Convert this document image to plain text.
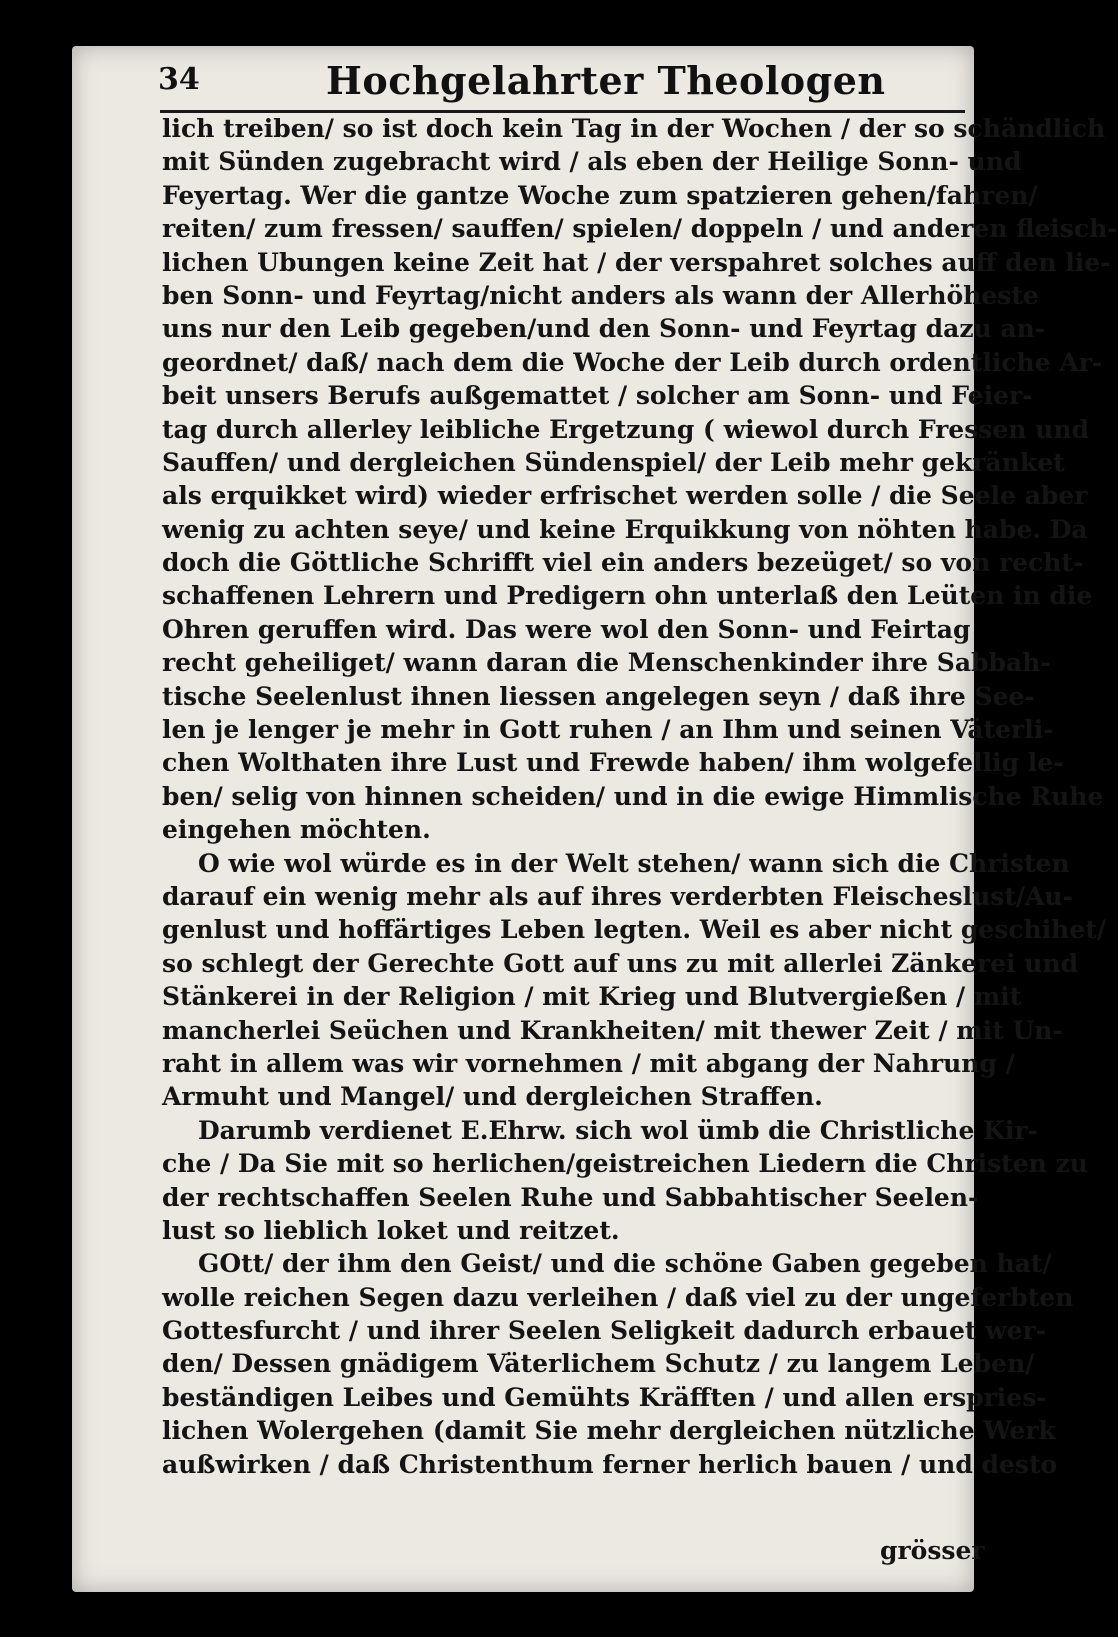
34	Hochgelahrter Theologen
lich treiben/ so ist doch kein Tag in der Wochen / der so schändlich
mit Sünden zugebracht wird / als eben der Heilige Sonn- und
Feyertag. Wer die gantze Woche zum spatzieren gehen/fahren/
reiten/ zum fressen/ sauffen/ spielen/ doppeln / und anderen fleisch-
lichen Ubungen keine Zeit hat / der verspahret solches auff den lie-
ben Sonn- und Feyrtag/nicht anders als wann der Allerhöheste
uns nur den Leib gegeben/und den Sonn- und Feyrtag dazu an-
geordnet/ daß/ nach dem die Woche der Leib durch ordentliche Ar-
beit unsers Berufs außgemattet / solcher am Sonn- und Feier-
tag durch allerley leibliche Ergetzung ( wiewol durch Fressen und
Sauffen/ und dergleichen Sündenspiel/ der Leib mehr gekränket
als erquikket wird) wieder erfrischet werden solle / die Seele aber
wenig zu achten seye/ und keine Erquikkung von nöhten habe. Da
doch die Göttliche Schrifft viel ein anders bezeüget/ so von recht-
schaffenen Lehrern und Predigern ohn unterlaß den Leüten in die
Ohren geruffen wird. Das were wol den Sonn- und Feirtag
recht geheiliget/ wann daran die Menschenkinder ihre Sabbah-
tische Seelenlust ihnen liessen angelegen seyn / daß ihre See-
len je lenger je mehr in Gott ruhen / an Ihm und seinen Väterli-
chen Wolthaten ihre Lust und Frewde haben/ ihm wolgefellig le-
ben/ selig von hinnen scheiden/ und in die ewige Himmlische Ruhe
eingehen möchten.
O wie wol würde es in der Welt stehen/ wann sich die Christen
darauf ein wenig mehr als auf ihres verderbten Fleischeslust/Au-
genlust und hoffärtiges Leben legten. Weil es aber nicht geschihet/
so schlegt der Gerechte Gott auf uns zu mit allerlei Zänkerei und
Stänkerei in der Religion / mit Krieg und Blutvergießen / mit
mancherlei Seüchen und Krankheiten/ mit thewer Zeit / mit Un-
raht in allem was wir vornehmen / mit abgang der Nahrung /
Armuht und Mangel/ und dergleichen Straffen.
Darumb verdienet E.Ehrw. sich wol ümb die Christliche Kir-
che / Da Sie mit so herlichen/geistreichen Liedern die Christen zu
der rechtschaffen Seelen Ruhe und Sabbahtischer Seelen-
lust so lieblich loket und reitzet.
GOtt/ der ihm den Geist/ und die schöne Gaben gegeben hat/
wolle reichen Segen dazu verleihen / daß viel zu der ungeferbten
Gottesfurcht / und ihrer Seelen Seligkeit dadurch erbauet wer-
den/ Dessen gnädigem Väterlichem Schutz / zu langem Leben/
beständigen Leibes und Gemühts Kräfften / und allen erspries-
lichen Wolergehen (damit Sie mehr dergleichen nützliche Werk
außwirken / daß Christenthum ferner herlich bauen / und desto
grösser
